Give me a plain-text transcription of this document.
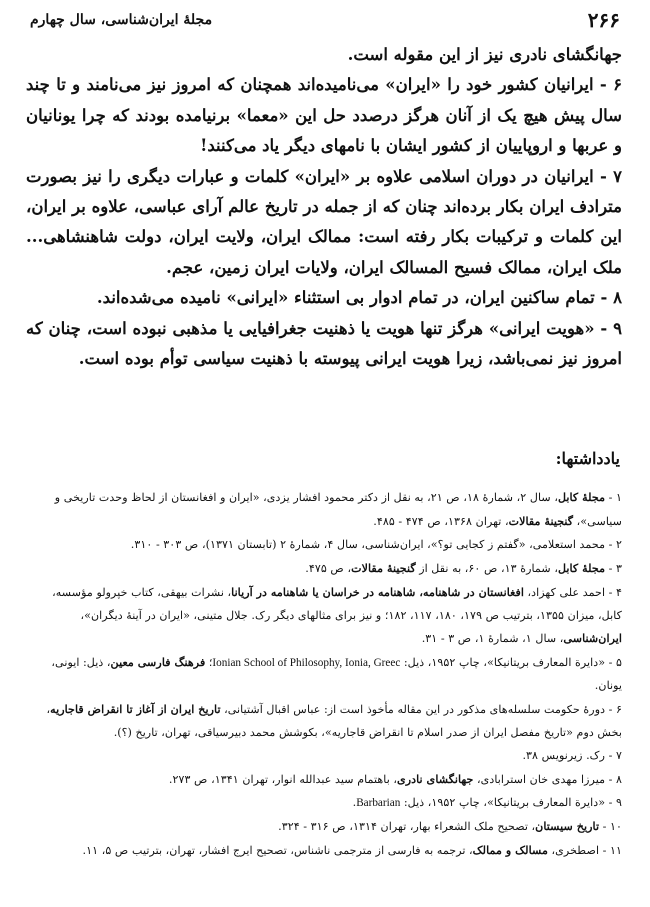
۲۶۶
مجلهٔ ایران‌شناسی، سال چهارم

جهانگشای نادری نیز از این مقوله است.

۶ - ایرانیان کشور خود را «ایران» می‌نامیده‌اند همچنان که امروز نیز می‌نامند و تا چند سال پیش هیچ یک از آنان هرگز درصدد حل این «معما» برنیامده بودند که چرا یونانیان و عربها و اروپاییان از کشور ایشان با نامهای دیگر یاد می‌کنند!

۷ - ایرانیان در دوران اسلامی علاوه بر «ایران» کلمات و عبارات دیگری را نیز بصورت مترادف ایران بکار برده‌اند چنان که از جمله در تاریخ عالم آرای عباسی، علاوه بر ایران، این کلمات و ترکیبات بکار رفته است: ممالک ایران، ولایت ایران، دولت شاهنشاهی... ملک ایران، ممالک فسیح المسالک ایران، ولایات ایران زمین، عجم.

۸ - تمام ساکنین ایران، در تمام ادوار بی استثناء «ایرانی» نامیده می‌شده‌اند.

۹ - «هویت ایرانی» هرگز تنها هویت یا ذهنیت جغرافیایی یا مذهبی نبوده است، چنان که امروز نیز نمی‌باشد، زیرا هویت ایرانی پیوسته با ذهنیت سیاسی توأم بوده است.

یادداشتها:

۱ - مجلهٔ کابل، سال ۲، شمارهٔ ۱۸، ص ۲۱، به نقل از دکتر محمود افشار یزدی، «ایران و افغانستان از لحاظ وحدت تاریخی و سیاسی»، گنجینهٔ مقالات، تهران ۱۳۶۸، ص ۴۷۴ - ۴۸۵.

۲ - محمد استعلامی، «گفتم ز کجایی تو؟»، ایران‌شناسی، سال ۴، شمارهٔ ۲ (تابستان ۱۳۷۱)، ص ۳۰۳ - ۳۱۰.

۳ - مجلهٔ کابل، شمارهٔ ۱۳، ص ۶۰، به نقل از گنجینهٔ مقالات، ص ۴۷۵.

۴ - احمد علی کهزاد، افغانستان در شاهنامه، شاهنامه در خراسان یا شاهنامه در آریانا، نشرات بیهقی، کتاب خپرولو مؤسسه، کابل، میزان ۱۳۵۵، بترتیب ص ۱۷۹، ۱۸۰، ۱۱۷، ۱۸۲؛ و نیز برای مثالهای دیگر رک. جلال متینی، «ایران در آینهٔ دیگران»، ایران‌شناسی، سال ۱، شمارهٔ ۱، ص ۳ - ۳۱.

۵ - «دایرة المعارف بریتانیکا»، چاپ ۱۹۵۲، ذیل: Ionian School of Philosophy, Ionia, Greec؛ فرهنگ فارسی معین، ذیل: ایونی، یونان.

۶ - دورهٔ حکومت سلسله‌های مذکور در این مقاله مأخوذ است از: عباس اقبال آشتیانی، تاریخ ایران از آغاز تا انقراض قاجاریه، بخش دوم «تاریخ مفصل ایران از صدر اسلام تا انقراض قاجاریه»، بکوشش محمد دبیرسیاقی، تهران، تاریخ (؟).

۷ - رک. زیرنویس ۳۸.

۸ - میرزا مهدی خان استرابادی، جهانگشای نادری، باهتمام سید عبدالله انوار، تهران ۱۳۴۱، ص ۲۷۳.

۹ - «دایرة المعارف بریتانیکا»، چاپ ۱۹۵۲، ذیل: Barbarian.

۱۰ - تاریخ سیستان، تصحیح ملک الشعراء بهار، تهران ۱۳۱۴، ص ۳۱۶ - ۳۲۴.

۱۱ - اصطخری، مسالک و ممالک، ترجمه به فارسی از مترجمی ناشناس، تصحیح ایرج افشار، تهران، بترتیب ص ۵، ۱۱.
